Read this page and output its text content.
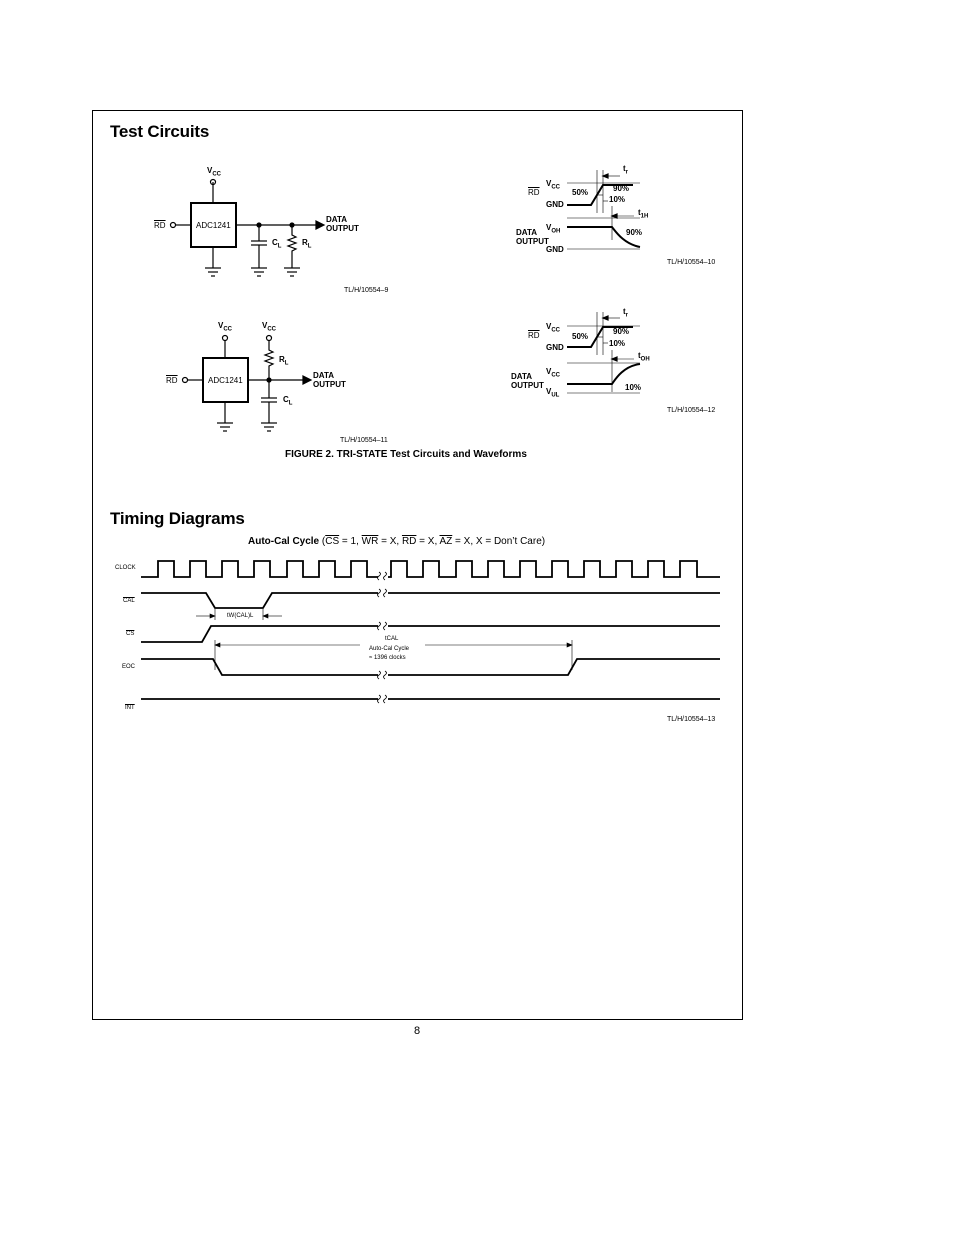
Test Circuits
$V_{CC}$
ADC1241
$\overline{RD}$
$C_L$	$R_L$
DATA
OUTPUT
TL/H/10554–9
$\overline{RD}$
$V_{CC}$
GND
$t_r$
50%	90%
10%
$t_{1H}$
DATA
OUTPUT
$V_{OH}$
GND
90%
TL/H/10554–10
$V_{CC}$	$V_{CC}$
ADC1241
$\overline{RD}$
$R_L$
$C_L$
DATA
OUTPUT
TL/H/10554–11
$\overline{RD}$
$V_{CC}$
GND
$t_r$
50%
90%
10%
$t_{OH}$
DATA
OUTPUT
$V_{CC}$
$V_{UL}$
10%
TL/H/10554–12
FIGURE 2. TRI-STATE Test Circuits and Waveforms
Timing Diagrams
Auto-Cal Cycle ($\overline{CS} = 1$, $\overline{WR} = X$, $\overline{RD} = X$, $\overline{AZ} = X$, X = Don’t Care)
CLOCK
$\overline{CAL}$
$\overline{CS}$
EOC
$\overline{INT}$
tW(CAL)L
tCAL
Auto-Cal Cycle
≈ 1396 clocks
TL/H/10554–13
8
